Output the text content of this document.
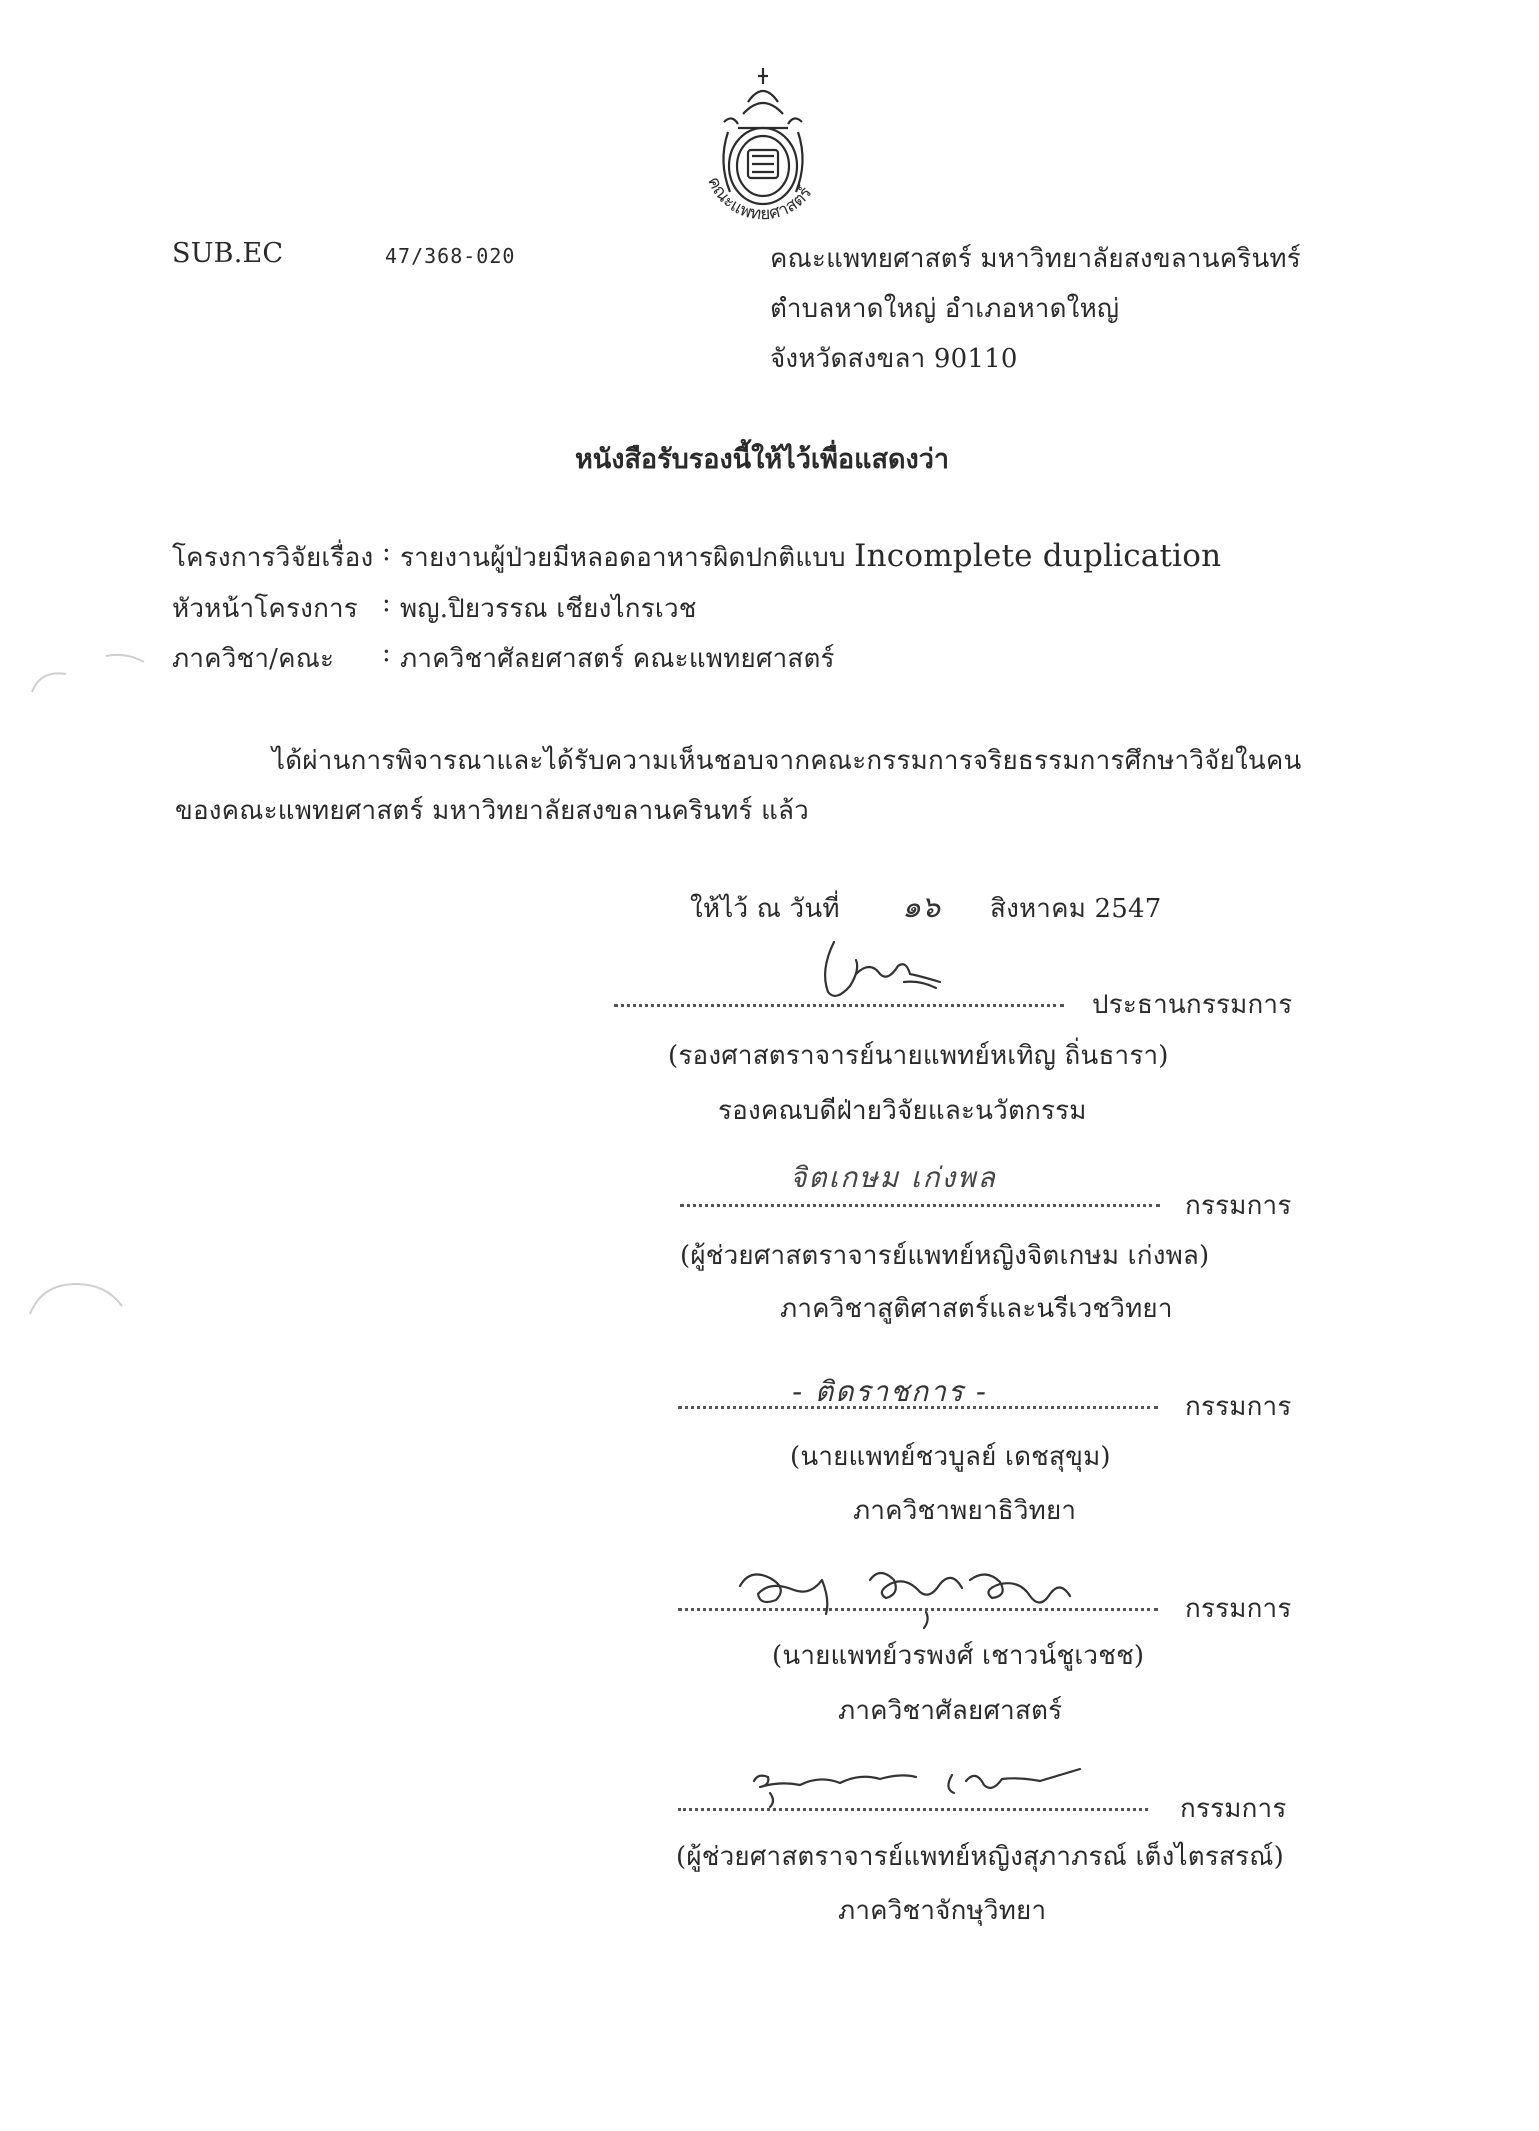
คณะแพทยศาสตร์
SUB.EC	47/368-020	คณะแพทยศาสตร์ มหาวิทยาลัยสงขลานครินทร์
ตำบลหาดใหญ่ อำเภอหาดใหญ่
จังหวัดสงขลา 90110
หนังสือรับรองนี้ให้ไว้เพื่อแสดงว่า
โครงการวิจัยเรื่อง : รายงานผู้ป่วยมีหลอดอาหารผิดปกติแบบ Incomplete duplication
หัวหน้าโครงการ : พญ.ปิยวรรณ เชียงไกรเวช
ภาควิชา/คณะ : ภาควิชาศัลยศาสตร์ คณะแพทยศาสตร์
ได้ผ่านการพิจารณาและได้รับความเห็นชอบจากคณะกรรมการจริยธรรมการศึกษาวิจัยในคน
ของคณะแพทยศาสตร์ มหาวิทยาลัยสงขลานครินทร์ แล้ว
ให้ไว้ ณ วันที่ ๑๖ สิงหาคม 2547
ประธานกรรมการ
(รองศาสตราจารย์นายแพทย์หเทิญ ถิ่นธารา)
รองคณบดีฝ่ายวิจัยและนวัตกรรม
จิตเกษม เก่งพล
กรรมการ
(ผู้ช่วยศาสตราจารย์แพทย์หญิงจิตเกษม เก่งพล)
ภาควิชาสูติศาสตร์และนรีเวชวิทยา
- ติดราชการ -	กรรมการ
(นายแพทย์ชวบูลย์ เดชสุขุม)
ภาควิชาพยาธิวิทยา
กรรมการ
(นายแพทย์วรพงศ์ เชาวน์ชูเวชช)
ภาควิชาศัลยศาสตร์
กรรมการ
(ผู้ช่วยศาสตราจารย์แพทย์หญิงสุภาภรณ์ เต็งไตรสรณ์)
ภาควิชาจักษุวิทยา
